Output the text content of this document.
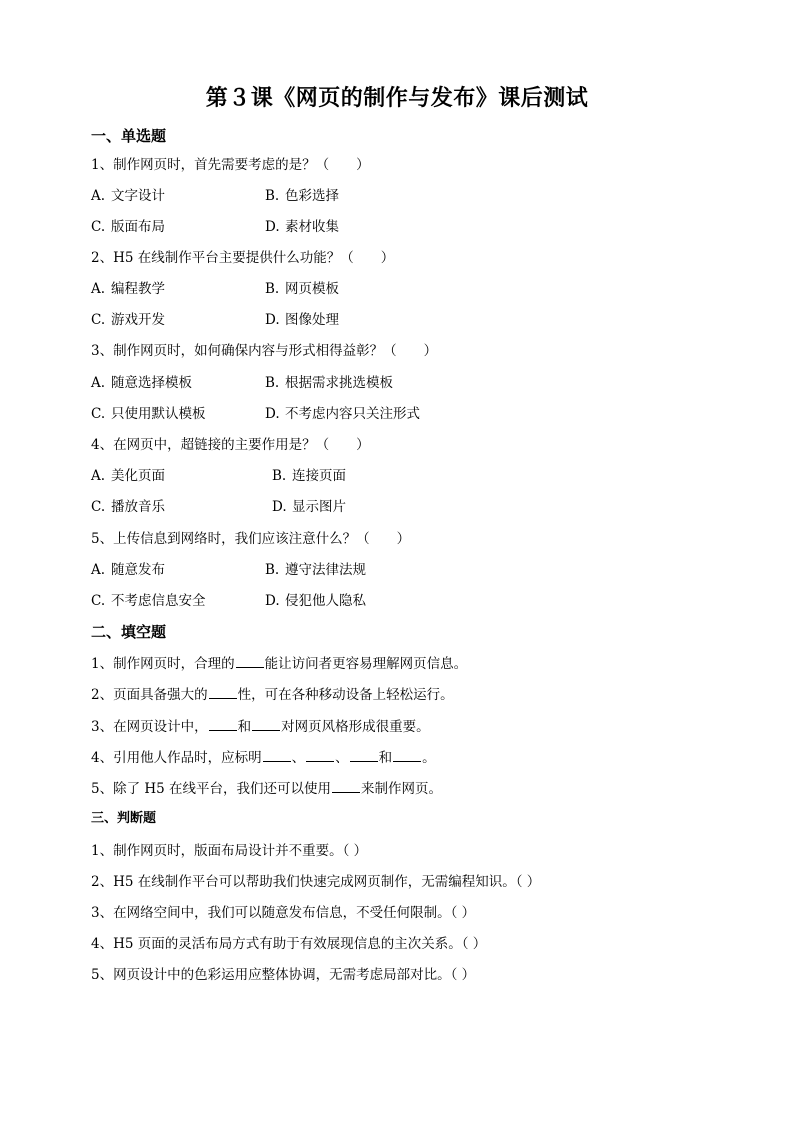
第３课《网页的制作与发布》课后测试
一、单选题
1、制作网页时，首先需要考虑的是？（　　）
A. 文字设计	B. 色彩选择
C. 版面布局	D. 素材收集
2、H5 在线制作平台主要提供什么功能？（　　）
A. 编程教学	B. 网页模板
C. 游戏开发	D. 图像处理
3、制作网页时，如何确保内容与形式相得益彰？（　　）
A. 随意选择模板	B. 根据需求挑选模板
C. 只使用默认模板	D. 不考虑内容只关注形式
4、在网页中，超链接的主要作用是？（　　）
A. 美化页面	B. 连接页面
C. 播放音乐	D. 显示图片
5、上传信息到网络时，我们应该注意什么？（　　）
A. 随意发布	B. 遵守法律法规
C. 不考虑信息安全	D. 侵犯他人隐私
二、填空题
1、制作网页时，合理的 能让访问者更容易理解网页信息。
2、页面具备强大的 性，可在各种移动设备上轻松运行。
3、在网页设计中， 和 对网页风格形成很重要。
4、引用他人作品时，应标明 、 、 和 。
5、除了 H5 在线平台，我们还可以使用 来制作网页。
三、判断题
1、制作网页时，版面布局设计并不重要。（ ）
2、H5 在线制作平台可以帮助我们快速完成网页制作，无需编程知识。（ ）
3、在网络空间中，我们可以随意发布信息，不受任何限制。（ ）
4、H5 页面的灵活布局方式有助于有效展现信息的主次关系。（ ）
5、网页设计中的色彩运用应整体协调，无需考虑局部对比。（ ）
